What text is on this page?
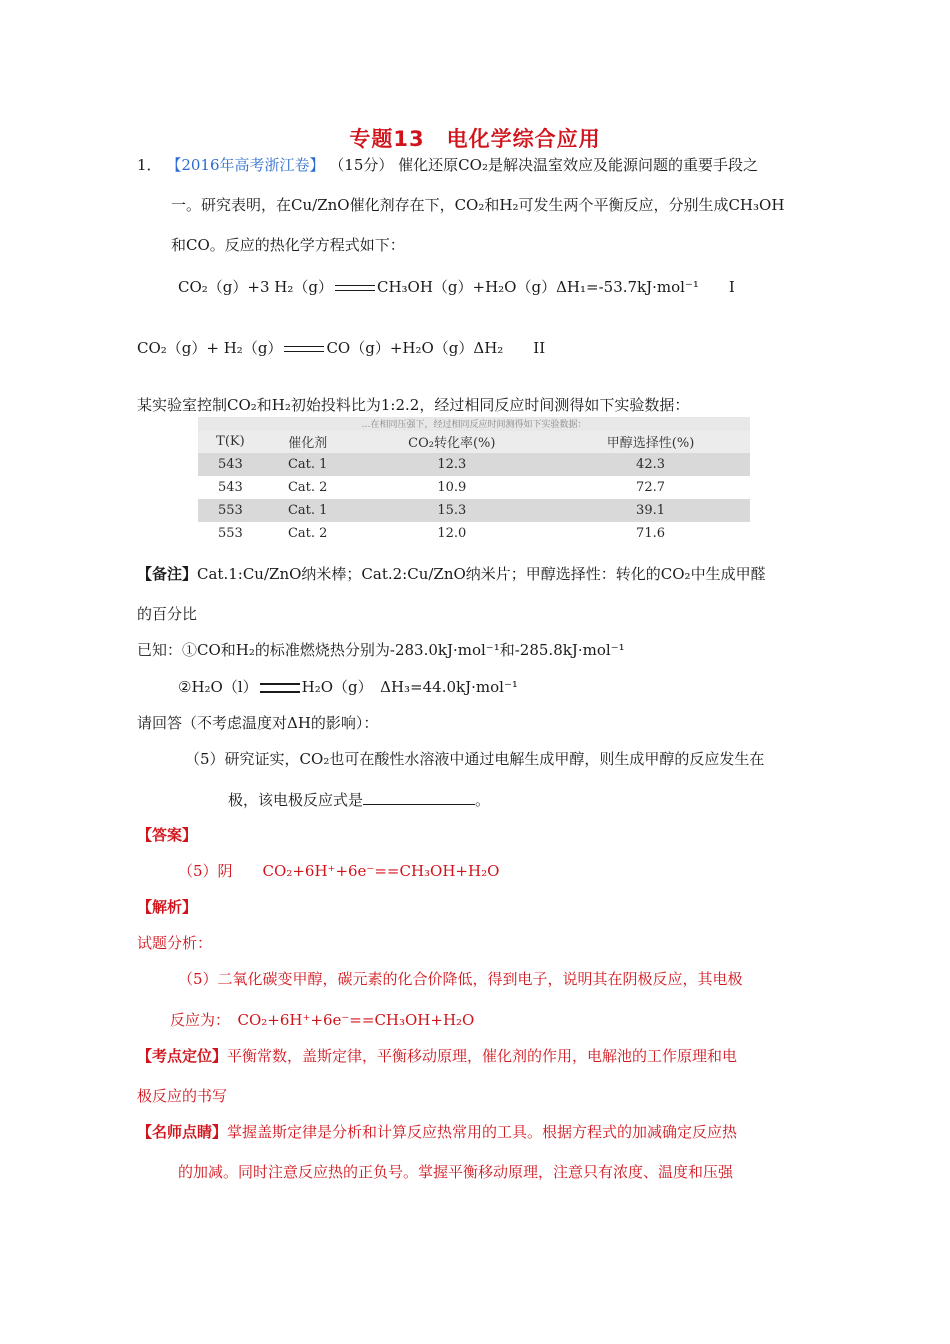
专题13　电化学综合应用
1． 【2016年高考浙江卷】 （15分） 催化还原CO₂是解决温室效应及能源问题的重要手段之
一。研究表明，在Cu/ZnO催化剂存在下，CO₂和H₂可发生两个平衡反应，分别生成CH₃OH
和CO。反应的热化学方程式如下：
CO₂（g）+3 H₂（g）	CH₃OH（g）+H₂O（g）ΔH₁=-53.7kJ·mol⁻¹　　I
CO₂（g）+ H₂（g）	CO（g）+H₂O（g）ΔH₂　　II
某实验室控制CO₂和H₂初始投料比为1:2.2，经过相同反应时间测得如下实验数据：
…在相同压强下，经过相同反应时间测得如下实验数据：			
T(K)	催化剂	CO₂转化率(%)	甲醇选择性(%)
543	Cat. 1	12.3	42.3
543	Cat. 2	10.9	72.7
553	Cat. 1	15.3	39.1
553	Cat. 2	12.0	71.6
【备注】Cat.1:Cu/ZnO纳米棒；Cat.2:Cu/ZnO纳米片；甲醇选择性：转化的CO₂中生成甲醛
的百分比
已知：①CO和H₂的标准燃烧热分别为-283.0kJ·mol⁻¹和-285.8kJ·mol⁻¹
②H₂O（l）	H₂O（g）　ΔH₃=44.0kJ·mol⁻¹
请回答（不考虑温度对ΔH的影响）：
（5）研究证实，CO₂也可在酸性水溶液中通过电解生成甲醇，则生成甲醇的反应发生在
极，该电极反应式是	。
【答案】
（5）阴　　CO₂+6H⁺+6e⁻==CH₃OH+H₂O
【解析】
试题分析：
（5）二氧化碳变甲醇，碳元素的化合价降低，得到电子，说明其在阴极反应，其电极
反应为：　CO₂+6H⁺+6e⁻==CH₃OH+H₂O
【考点定位】平衡常数，盖斯定律，平衡移动原理，催化剂的作用，电解池的工作原理和电
极反应的书写
【名师点睛】掌握盖斯定律是分析和计算反应热常用的工具。根据方程式的加减确定反应热
的加减。同时注意反应热的正负号。掌握平衡移动原理，注意只有浓度、温度和压强
